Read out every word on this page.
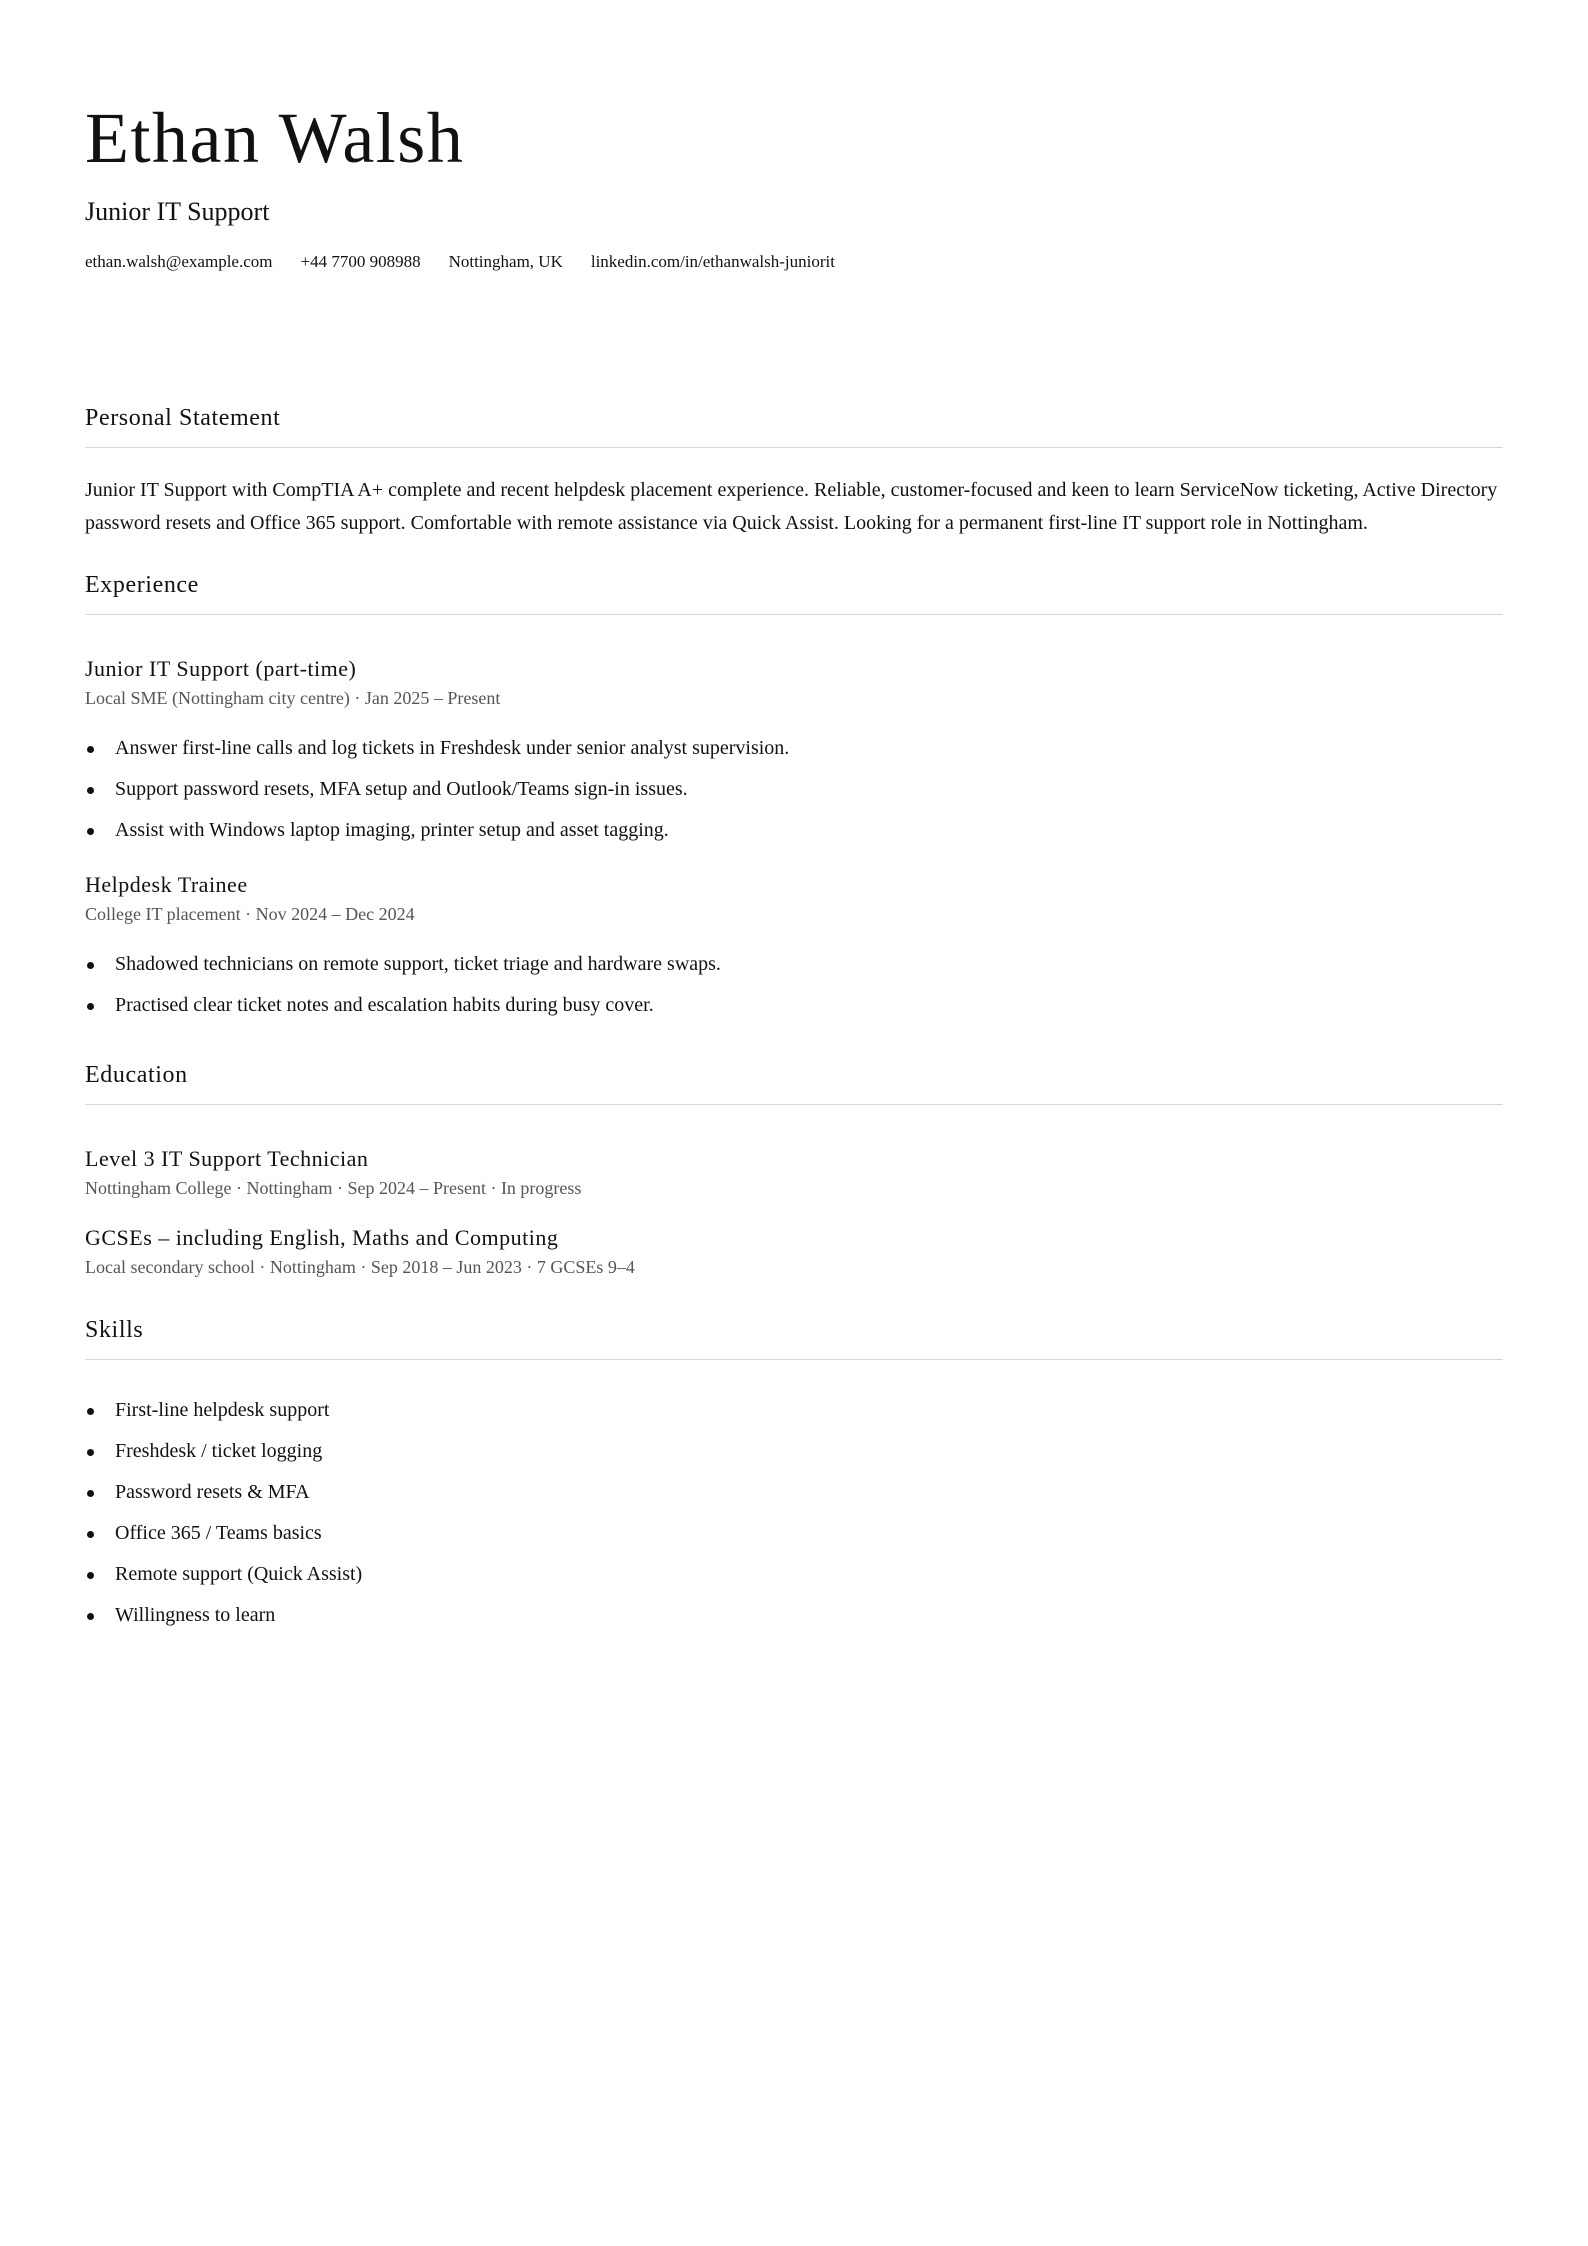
Ethan Walsh
Junior IT Support
ethan.walsh@example.com +44 7700 908988 Nottingham, UK linkedin.com/in/ethanwalsh-juniorit
Personal Statement

Junior IT Support with CompTIA A+ complete and recent helpdesk placement experience. Reliable, customer-focused and keen to learn ServiceNow ticketing, Active Directory password resets and Office 365 support. Comfortable with remote assistance via Quick Assist. Looking for a permanent first-line IT support role in Nottingham.

Experience
Junior IT Support (part-time)
Local SME (Nottingham city centre) · Jan 2025 – Present
Answer first-line calls and log tickets in Freshdesk under senior analyst supervision.
Support password resets, MFA setup and Outlook/Teams sign-in issues.
Assist with Windows laptop imaging, printer setup and asset tagging.
Helpdesk Trainee
College IT placement · Nov 2024 – Dec 2024
Shadowed technicians on remote support, ticket triage and hardware swaps.
Practised clear ticket notes and escalation habits during busy cover.
Education
Level 3 IT Support Technician
Nottingham College · Nottingham · Sep 2024 – Present · In progress
GCSEs – including English, Maths and Computing
Local secondary school · Nottingham · Sep 2018 – Jun 2023 · 7 GCSEs 9–4
Skills
First-line helpdesk support
Freshdesk / ticket logging
Password resets & MFA
Office 365 / Teams basics
Remote support (Quick Assist)
Willingness to learn
